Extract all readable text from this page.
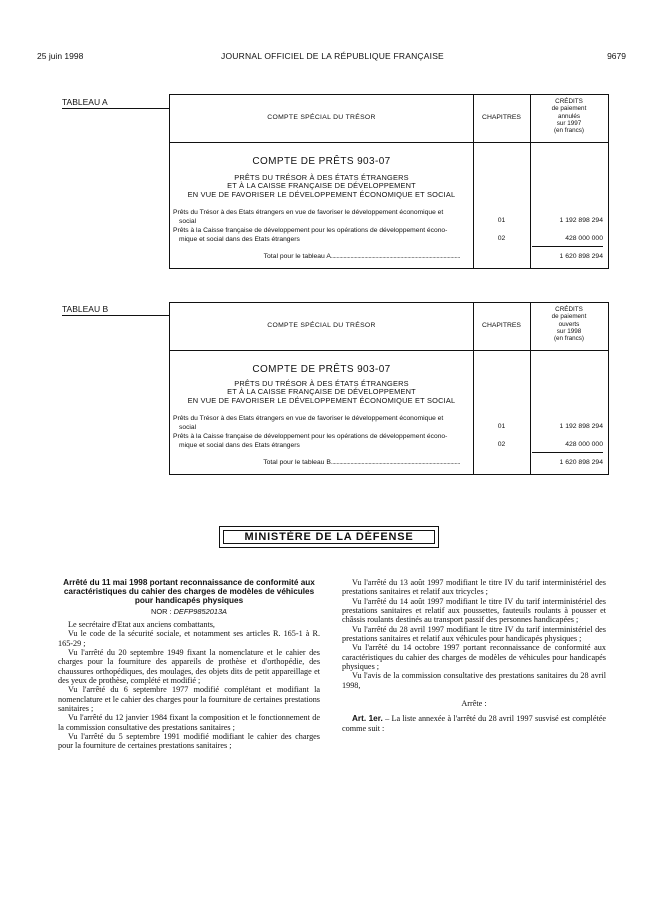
25 juin 1998	JOURNAL OFFICIEL DE LA RÉPUBLIQUE FRANÇAISE	9679
TABLEAU A
COMPTE SPÉCIAL DU TRÉSOR	CHAPITRES
CRÉDITS
de paiement
annulés
sur 1997
(en francs)
COMPTE DE PRÊTS 903-07
PRÊTS DU TRÉSOR À DES ÉTATS ÉTRANGERS
ET À LA CAISSE FRANÇAISE DE DÉVELOPPEMENT
EN VUE DE FAVORISER LE DÉVELOPPEMENT ÉCONOMIQUE ET SOCIAL
Prêts du Trésor à des Etats étrangers en vue de favoriser le développement économique et
social	01	1 192 898 294
Prêts à la Caisse française de développement pour les opérations de développement écono-
mique et social dans des Etats étrangers	02	428 000 000
Total pour le tableau A.............................................................................................	1 620 898 294
TABLEAU B
COMPTE SPÉCIAL DU TRÉSOR	CHAPITRES
CRÉDITS
de paiement
ouverts
sur 1998
(en francs)
COMPTE DE PRÊTS 903-07
PRÊTS DU TRÉSOR À DES ÉTATS ÉTRANGERS
ET À LA CAISSE FRANÇAISE DE DÉVELOPPEMENT
EN VUE DE FAVORISER LE DÉVELOPPEMENT ÉCONOMIQUE ET SOCIAL
Prêts du Trésor à des Etats étrangers en vue de favoriser le développement économique et
social	01	1 192 898 294
Prêts à la Caisse française de développement pour les opérations de développement écono-
mique et social dans des Etats étrangers	02	428 000 000
Total pour le tableau B.............................................................................................	1 620 898 294
MINISTÈRE DE LA DÉFENSE
Arrêté du 11 mai 1998 portant reconnaissance de conformité aux caractéristiques du cahier des charges de modèles de véhicules pour handicapés physiques
NOR : DEFP9852013A

Le secrétaire d'Etat aux anciens combattants,

Vu le code de la sécurité sociale, et notamment ses articles R. 165-1 à R. 165-29 ;

Vu l'arrêté du 20 septembre 1949 fixant la nomenclature et le cahier des charges pour la fourniture des appareils de prothèse et d'orthopédie, des chaussures orthopédiques, des moulages, des objets dits de petit appareillage et des yeux de prothèse, complété et modifié ;

Vu l'arrêté du 6 septembre 1977 modifié complétant et modifiant la nomenclature et le cahier des charges pour la fourniture de certaines prestations sanitaires ;

Vu l'arrêté du 12 janvier 1984 fixant la composition et le fonctionnement de la commission consultative des prestations sanitaires ;

Vu l'arrêté du 5 septembre 1991 modifié modifiant le cahier des charges pour la fourniture de certaines prestations sanitaires ;

Vu l'arrêté du 13 août 1997 modifiant le titre IV du tarif interministériel des prestations sanitaires et relatif aux tricycles ;

Vu l'arrêté du 14 août 1997 modifiant le titre IV du tarif interministériel des prestations sanitaires et relatif aux poussettes, fauteuils roulants à pousser et châssis roulants destinés au transport passif des personnes handicapées ;

Vu l'arrêté du 28 avril 1997 modifiant le titre IV du tarif interministériel des prestations sanitaires et relatif aux véhicules pour handicapés physiques ;

Vu l'arrêté du 14 octobre 1997 portant reconnaissance de conformité aux caractéristiques du cahier des charges de modèles de véhicules pour handicapés physiques ;

Vu l'avis de la commission consultative des prestations sanitaires du 28 avril 1998,

Arrête :

Art. 1er. – La liste annexée à l'arrêté du 28 avril 1997 susvisé est complétée comme suit :
